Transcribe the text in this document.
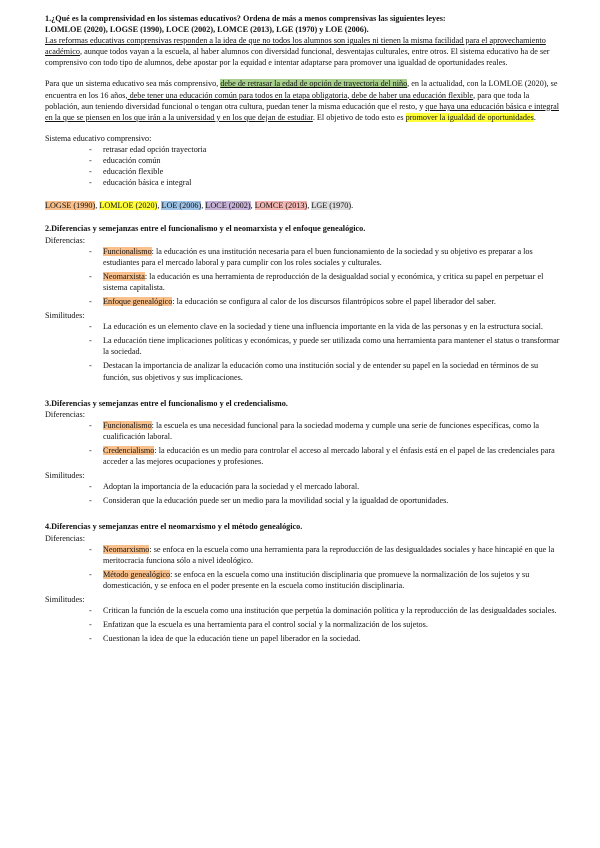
1.¿Qué es la comprensividad en los sistemas educativos? Ordena de más a menos comprensivas las siguientes leyes:

LOMLOE (2020), LOGSE (1990), LOCE (2002), LOMCE (2013), LGE (1970) y LOE (2006).

Las reformas educativas comprensivas responden a la idea de que no todos los alumnos son iguales ni tienen la misma facilidad para el aprovechamiento académico, aunque todos vayan a la escuela, al haber alumnos con diversidad funcional, desventajas culturales, entre otros. El sistema educativo ha de ser comprensivo con todo tipo de alumnos, debe apostar por la equidad e intentar adaptarse para promover una igualdad de oportunidades reales.

Para que un sistema educativo sea más comprensivo, debe de retrasar la edad de opción de trayectoria del niño, en la actualidad, con la LOMLOE (2020), se encuentra en los 16 años, debe tener una educación común para todos en la etapa obligatoria, debe de haber una educación flexible, para que toda la población, aun teniendo diversidad funcional o tengan otra cultura, puedan tener la misma educación que el resto, y que haya una educación básica e integral en la que se piensen en los que irán a la universidad y en los que dejan de estudiar. El objetivo de todo esto es promover la igualdad de oportunidades.

Sistema educativo comprensivo:

- retrasar edad opción trayectoria
- educación común
- educación flexible
- educación básica e integral

LOGSE (1990), LOMLOE (2020), LOE (2006), LOCE (2002), LOMCE (2013), LGE (1970).

2.Diferencias y semejanzas entre el funcionalismo y el neomarxista y el enfoque genealógico.

Diferencias:

- Funcionalismo: la educación es una institución necesaria para el buen funcionamiento de la sociedad y su objetivo es preparar a los estudiantes para el mercado laboral y para cumplir con los roles sociales y culturales.
- Neomarxista: la educación es una herramienta de reproducción de la desigualdad social y económica, y critica su papel en perpetuar el sistema capitalista.
- Enfoque genealógico: la educación se configura al calor de los discursos filantrópicos sobre el papel liberador del saber.

Similitudes:

- La educación es un elemento clave en la sociedad y tiene una influencia importante en la vida de las personas y en la estructura social.
- La educación tiene implicaciones políticas y económicas, y puede ser utilizada como una herramienta para mantener el status o transformar la sociedad.
- Destacan la importancia de analizar la educación como una institución social y de entender su papel en la sociedad en términos de su función, sus objetivos y sus implicaciones.

3.Diferencias y semejanzas entre el funcionalismo y el credencialismo.

Diferencias:

- Funcionalismo: la escuela es una necesidad funcional para la sociedad moderna y cumple una serie de funciones específicas, como la cualificación laboral.
- Credencialismo: la educación es un medio para controlar el acceso al mercado laboral y el énfasis está en el papel de las credenciales para acceder a las mejores ocupaciones y profesiones.

Similitudes:

- Adoptan la importancia de la educación para la sociedad y el mercado laboral.
- Consideran que la educación puede ser un medio para la movilidad social y la igualdad de oportunidades.

4.Diferencias y semejanzas entre el neomarxismo y el método genealógico.

Diferencias:

- Neomarxismo: se enfoca en la escuela como una herramienta para la reproducción de las desigualdades sociales y hace hincapié en que la meritocracia funciona sólo a nivel ideológico.
- Método genealógico: se enfoca en la escuela como una institución disciplinaria que promueve la normalización de los sujetos y su domesticación, y se enfoca en el poder presente en la escuela como institución disciplinaria.

Similitudes:

- Critican la función de la escuela como una institución que perpetúa la dominación política y la reproducción de las desigualdades sociales.
- Enfatizan que la escuela es una herramienta para el control social y la normalización de los sujetos.
- Cuestionan la idea de que la educación tiene un papel liberador en la sociedad.
